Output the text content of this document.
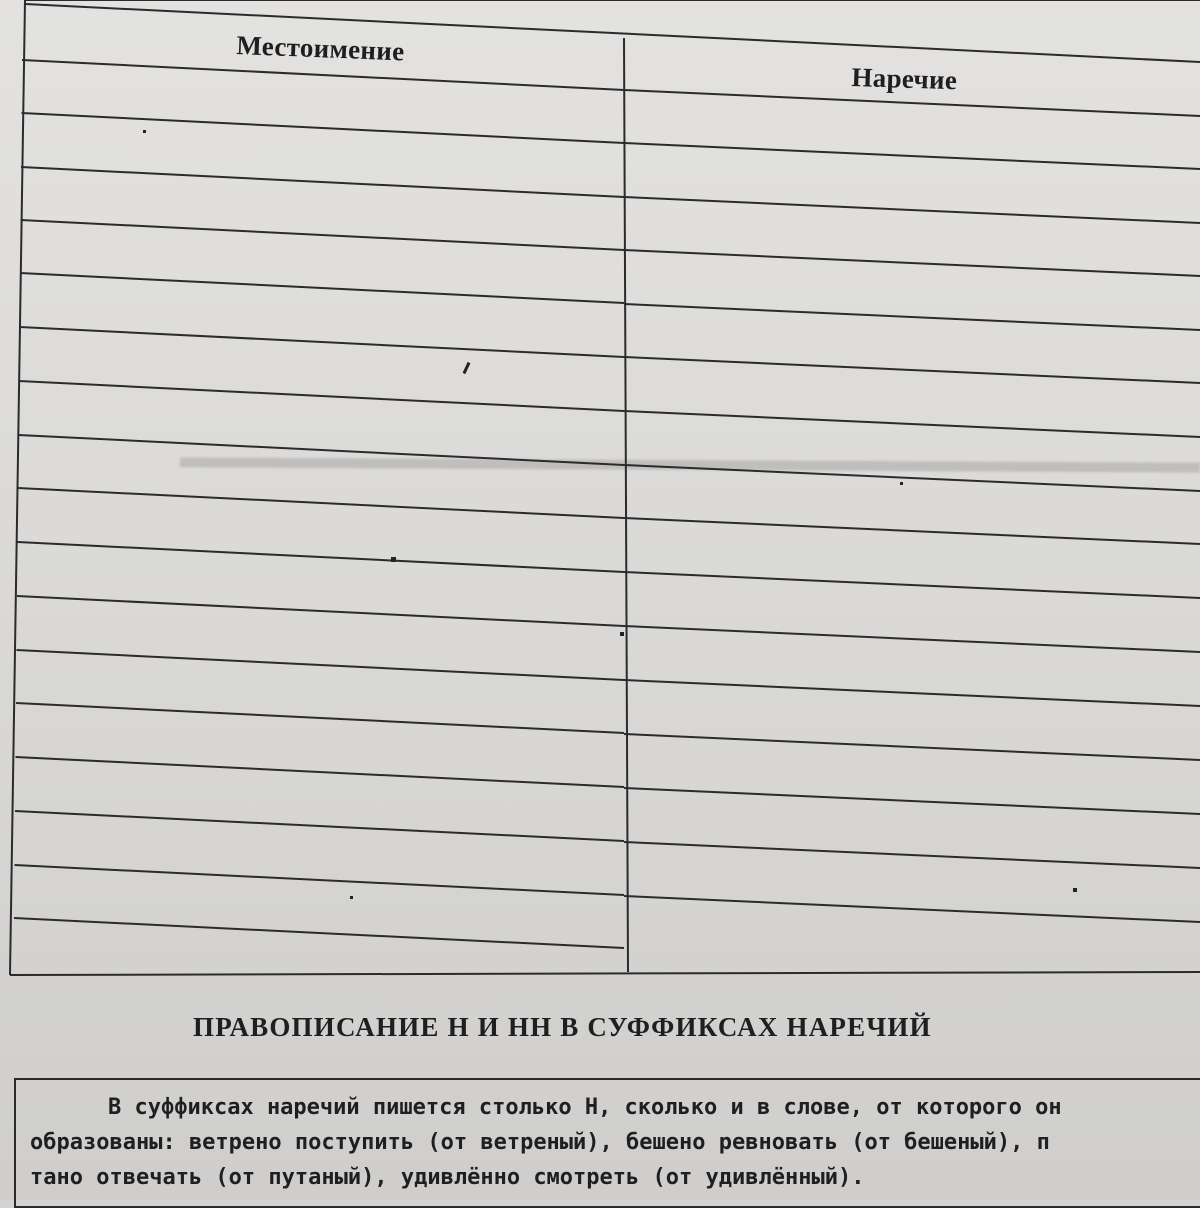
Местоимение
Наречие
ПРАВОПИСАНИЕ Н И НН В СУФФИКСАХ НАРЕЧИЙ
В суффиксах наречий пишется столько Н, сколько и в слове, от которого он
образованы: ветрено поступить (от ветреный), бешено ревновать (от бешеный), п
тано отвечать (от путаный), удивлённо смотреть (от удивлённый).
